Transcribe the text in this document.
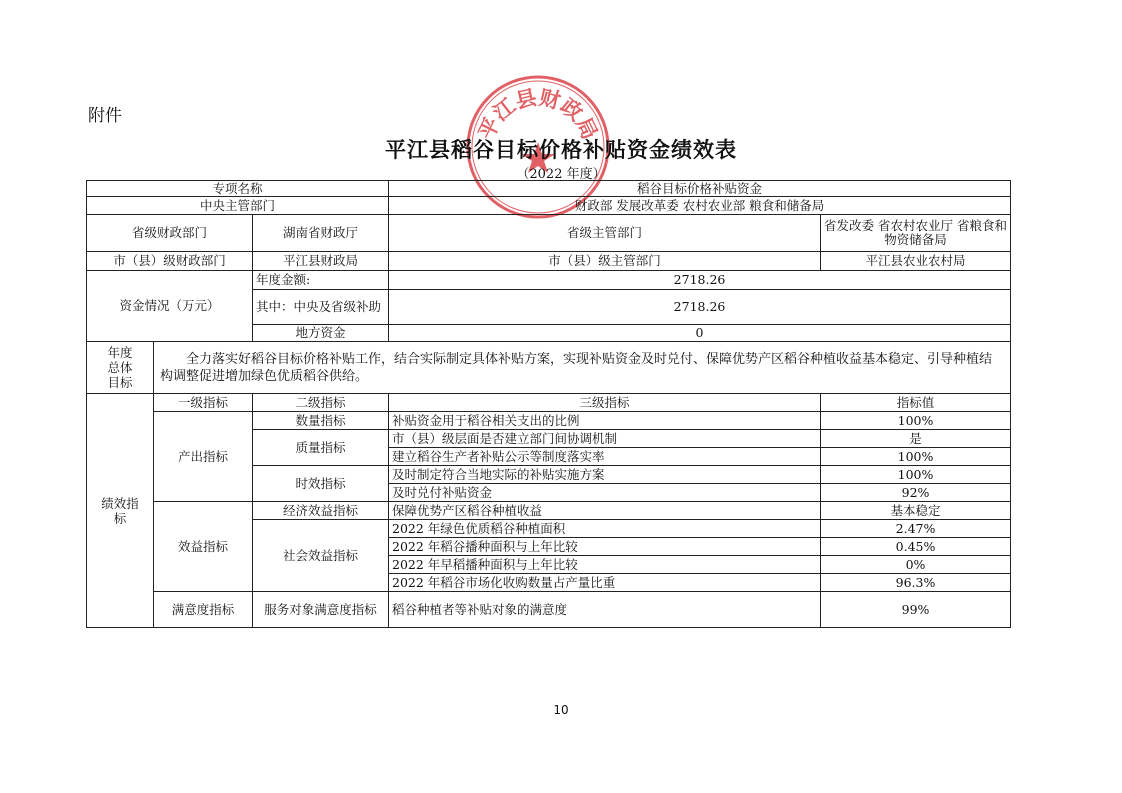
附件	平江县财政局
平江县稻谷目标价格补贴资金绩效表
（2022 年度）
专项名称			稻谷目标价格补贴资金	
中央主管部门			财政部 发展改革委 农村农业部 粮食和储备局	
省级财政部门		湖南省财政厅	省级主管部门	省发改委 省农村农业厅 省粮食和物资储备局
市（县）级财政部门		平江县财政局	市（县）级主管部门	平江县农业农村局
资金情况（万元）		年度金额:	2718.26	
		其中：中央及省级补助	2718.26	
		地方资金	0	

年度总体目标	全力落实好稻谷目标价格补贴工作，结合实际制定具体补贴方案，实现补贴资金及时兑付、保障优势产区稻谷种植收益基本稳定、引导种植结构调整促进增加绿色优质稻谷供给。			

绩效指标	一级指标	二级指标	三级指标	指标值
	产出指标	数量指标	补贴资金用于稻谷相关支出的比例	100%
		质量指标	市（县）级层面是否建立部门间协调机制	是
			建立稻谷生产者补贴公示等制度落实率	100%
		时效指标	及时制定符合当地实际的补贴实施方案	100%
			及时兑付补贴资金	92%
	效益指标	经济效益指标	保障优势产区稻谷种植收益	基本稳定
		社会效益指标	2022 年绿色优质稻谷种植面积	2.47%
			2022 年稻谷播种面积与上年比较	0.45%
			2022 年早稻播种面积与上年比较	0%
			2022 年稻谷市场化收购数量占产量比重	96.3%
	满意度指标	服务对象满意度指标	稻谷种植者等补贴对象的满意度	99%
10
